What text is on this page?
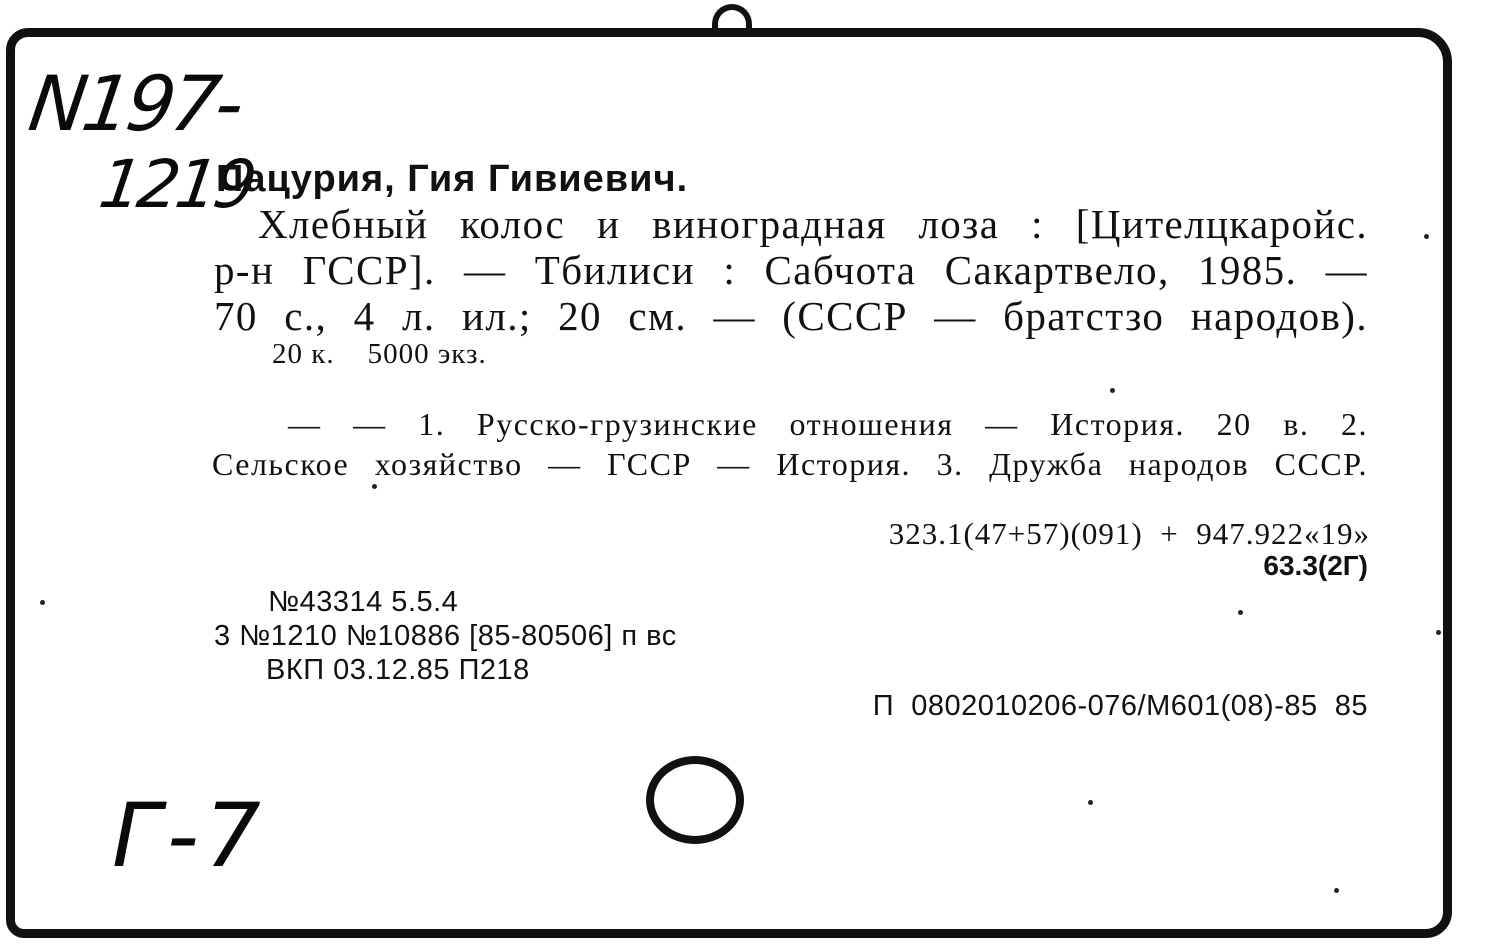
N197-
1219
Г-7
Пацурия, Гия Гивиевич.
Хлебный колос и виноградная лоза : [Цителцкаройс.
р-н ГССР]. — Тбилиси : Сабчота Сакартвело, 1985. —
70 с., 4 л. ил.; 20 см. — (СССР — братстзо народов).
20 к.    5000 экз.
— — 1. Русско-грузинские отношения — История. 20 в. 2.
Сельское хозяйство — ГССР — История. 3. Дружба народов СССР.
323.1(47+57)(091)  +  947.922«19»
63.3(2Г)
№43314 5.5.4
3 №1210 №10886 [85-80506] п вс
ВКП 03.12.85 П218
П  0802010206-076/М601(08)-85  85
